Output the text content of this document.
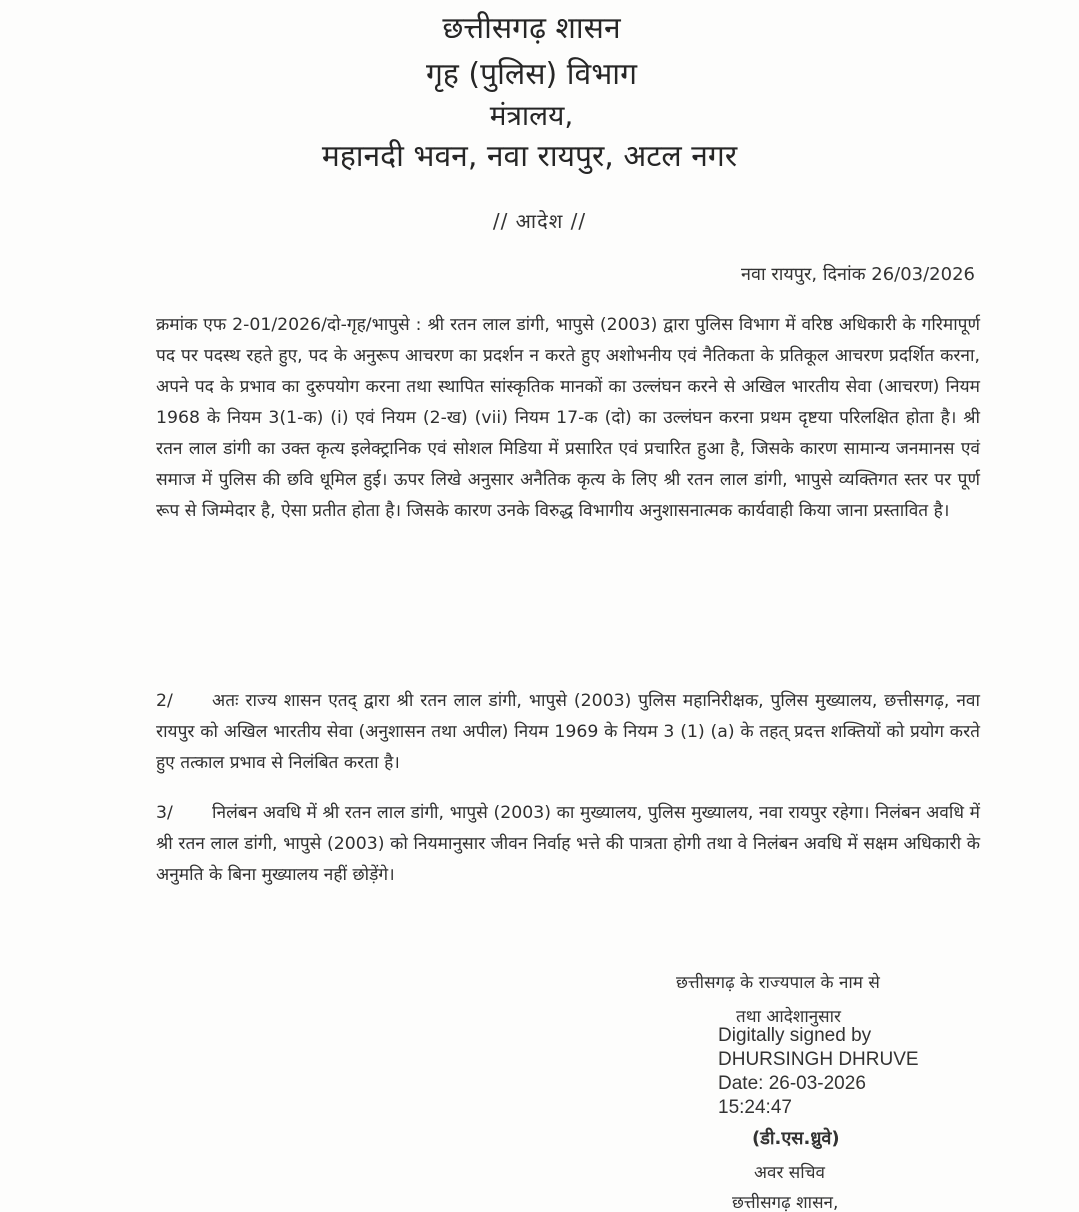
छत्तीसगढ़ शासन
गृह (पुलिस) विभाग
मंत्रालय,
महानदी भवन, नवा रायपुर, अटल नगर
// आदेश //
नवा रायपुर, दिनांक 26/03/2026
क्रमांक एफ 2-01/2026/दो-गृह/भापुसे : श्री रतन लाल डांगी, भापुसे (2003) द्वारा पुलिस विभाग में वरिष्ठ अधिकारी के गरिमापूर्ण पद पर पदस्थ रहते हुए, पद के अनुरूप आचरण का प्रदर्शन न करते हुए अशोभनीय एवं नैतिकता के प्रतिकूल आचरण प्रदर्शित करना, अपने पद के प्रभाव का दुरुपयोग करना तथा स्थापित सांस्कृतिक मानकों का उल्लंघन करने से अखिल भारतीय सेवा (आचरण) नियम 1968 के नियम 3(1-क) (i) एवं नियम (2-ख) (vii) नियम 17-क (दो) का उल्लंघन करना प्रथम दृष्टया परिलक्षित होता है। श्री रतन लाल डांगी का उक्त कृत्य इलेक्ट्रानिक एवं सोशल मिडिया में प्रसारित एवं प्रचारित हुआ है, जिसके कारण सामान्य जनमानस एवं समाज में पुलिस की छवि धूमिल हुई। ऊपर लिखे अनुसार अनैतिक कृत्य के लिए श्री रतन लाल डांगी, भापुसे व्यक्तिगत स्तर पर पूर्ण रूप से जिम्मेदार है, ऐसा प्रतीत होता है। जिसके कारण उनके विरुद्ध विभागीय अनुशासनात्मक कार्यवाही किया जाना प्रस्तावित है।
2/ अतः राज्य शासन एतद् द्वारा श्री रतन लाल डांगी, भापुसे (2003) पुलिस महानिरीक्षक, पुलिस मुख्यालय, छत्तीसगढ़, नवा रायपुर को अखिल भारतीय सेवा (अनुशासन तथा अपील) नियम 1969 के नियम 3 (1) (a) के तहत् प्रदत्त शक्तियों को प्रयोग करते हुए तत्काल प्रभाव से निलंबित करता है।
3/ निलंबन अवधि में श्री रतन लाल डांगी, भापुसे (2003) का मुख्यालय, पुलिस मुख्यालय, नवा रायपुर रहेगा। निलंबन अवधि में श्री रतन लाल डांगी, भापुसे (2003) को नियमानुसार जीवन निर्वाह भत्ते की पात्रता होगी तथा वे निलंबन अवधि में सक्षम अधिकारी के अनुमति के बिना मुख्यालय नहीं छोड़ेंगे।
छत्तीसगढ़ के राज्यपाल के नाम से
तथा आदेशानुसार
Digitally signed by
DHURSINGH DHRUVE
Date: 26-03-2026
15:24:47
(डी.एस.ध्रुवे)
अवर सचिव
छत्तीसगढ़ शासन,
